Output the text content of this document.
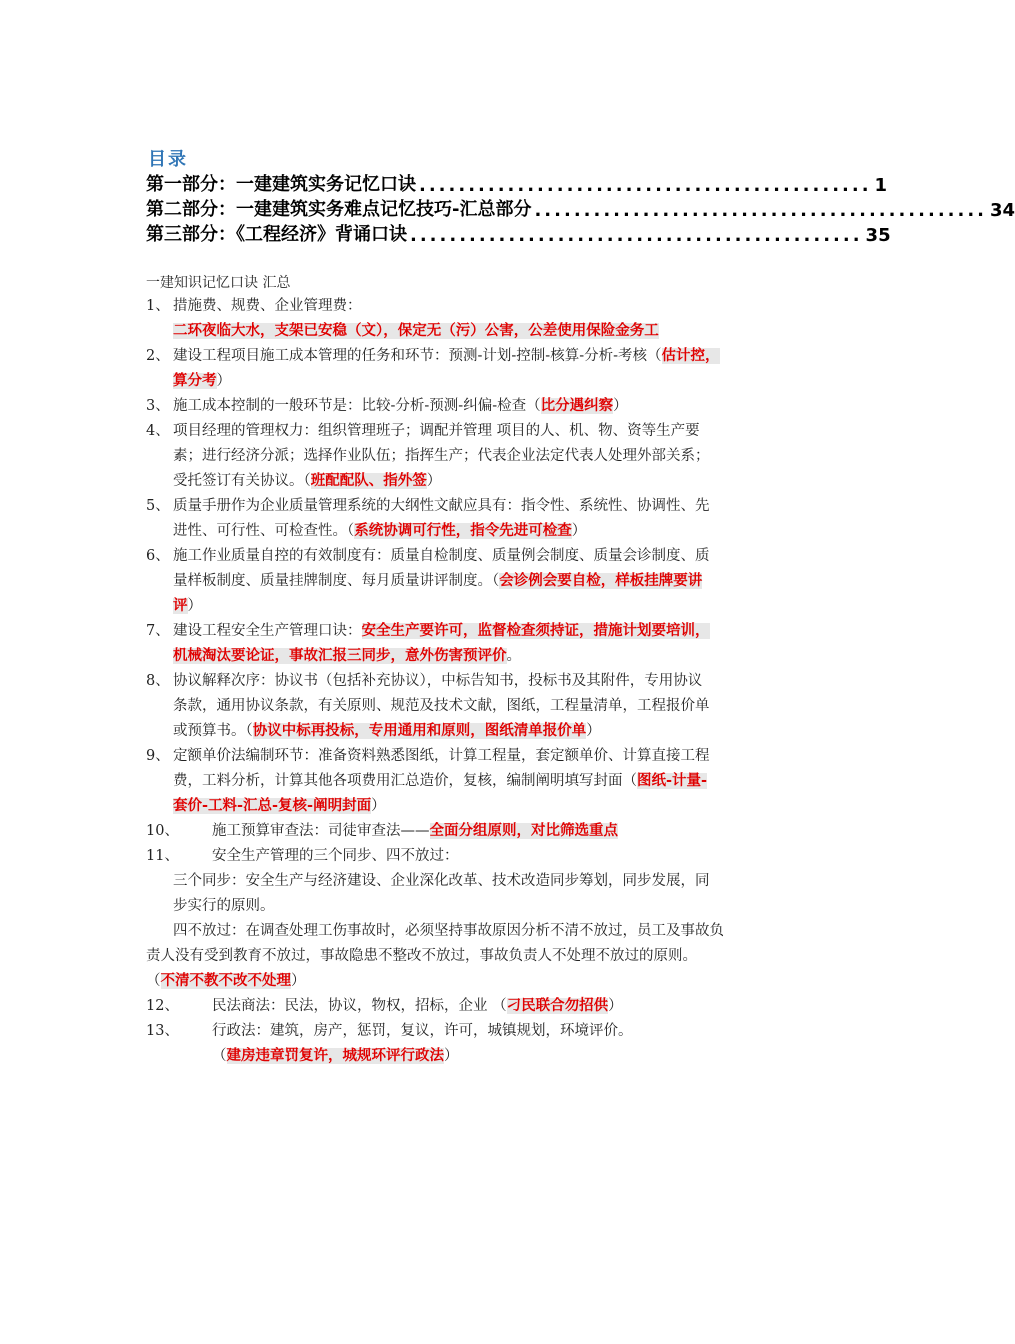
目录
第一部分：一建建筑实务记忆口诀 .............................................. 1
第二部分：一建建筑实务难点记忆技巧-汇总部分 .............................................. 34
第三部分：《工程经济》背诵口诀 .............................................. 35
一建知识记忆口诀 汇总
1、 措施费、规费、企业管理费：
二环夜临大水，支架已安稳（文），保定无（污）公害，公差使用保险金务工
2、 建设工程项目施工成本管理的任务和环节：预测-计划-控制-核算-分析-考核（估计控，
算分考）
3、 施工成本控制的一般环节是：比较-分析-预测-纠偏-检查（比分遇纠察）
4、 项目经理的管理权力：组织管理班子；调配并管理 项目的人、机、物、资等生产要
素；进行经济分派；选择作业队伍；指挥生产；代表企业法定代表人处理外部关系；
受托签订有关协议。（班配配队、指外签）
5、 质量手册作为企业质量管理系统的大纲性文献应具有：指令性、系统性、协调性、先
进性、可行性、可检查性。（系统协调可行性，指令先进可检查）
6、 施工作业质量自控的有效制度有：质量自检制度、质量例会制度、质量会诊制度、质
量样板制度、质量挂牌制度、每月质量讲评制度。（会诊例会要自检，样板挂牌要讲
评）
7、 建设工程安全生产管理口诀：安全生产要许可，监督检查须持证，措施计划要培训，
机械淘汰要论证，事故汇报三同步，意外伤害预评价。
8、 协议解释次序：协议书（包括补充协议），中标告知书，投标书及其附件，专用协议
条款，通用协议条款，有关原则、规范及技术文献，图纸，工程量清单，工程报价单
或预算书。（协议中标再投标，专用通用和原则，图纸清单报价单）
9、 定额单价法编制环节：准备资料熟悉图纸，计算工程量，套定额单价、计算直接工程
费，工料分析，计算其他各项费用汇总造价，复核，编制阐明填写封面（图纸-计量-
套价-工料-汇总-复核-阐明封面）
10、 施工预算审查法：司徒审查法——全面分组原则，对比筛选重点
11、 安全生产管理的三个同步、四不放过：
三个同步：安全生产与经济建设、企业深化改革、技术改造同步筹划，同步发展，同
步实行的原则。
四不放过：在调查处理工伤事故时，必须坚持事故原因分析不清不放过，员工及事故负
责人没有受到教育不放过，事故隐患不整改不放过，事故负责人不处理不放过的原则。
（不清不教不改不处理）
12、 民法商法：民法，协议，物权，招标，企业 （刁民联合勿招供）
13、 行政法：建筑，房产，惩罚，复议，许可，城镇规划，环境评价。
（建房违章罚复许，城规环评行政法）
